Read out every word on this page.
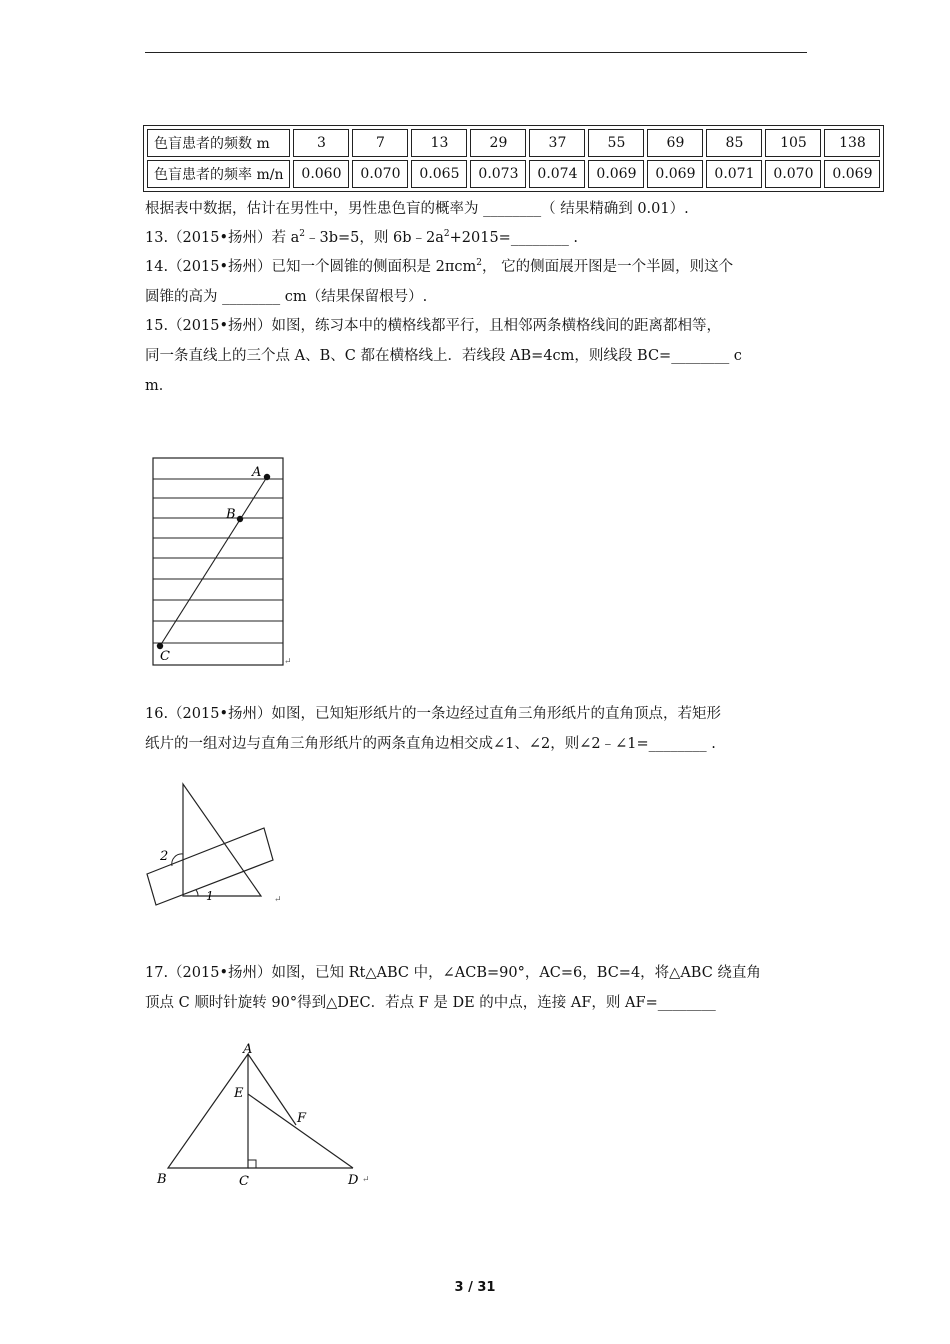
色盲患者的频数 m	3	7	13	29	37	55	69	85	105	138
色盲患者的频率 m/n	0.060	0.070	0.065	0.073	0.074	0.069	0.069	0.071	0.070	0.069
根据表中数据，估计在男性中，男性患色盲的概率为 ________（ 结果精确到 0.01）.
13.（2015•扬州）若 $a^2﹣3b=5$，则 $6b﹣2a^2+2015=\_\_\_\_\_\_\_\_$ .
14.（2015•扬州）已知一个圆锥的侧面积是 2πcm$^2$， 它的侧面展开图是一个半圆，则这个
圆锥的高为 ________ cm（结果保留根号）.
15.（2015•扬州）如图，练习本中的横格线都平行，且相邻两条横格线间的距离都相等，
同一条直线上的三个点 A、B、C 都在横格线上．若线段 AB=4cm，则线段 BC=________ c
m．
A
B
C	↵
16.（2015•扬州）如图，已知矩形纸片的一条边经过直角三角形纸片的直角顶点，若矩形
纸片的一组对边与直角三角形纸片的两条直角边相交成∠1、∠2，则∠2﹣∠1=________ .
2
1	↵
17.（2015•扬州）如图，已知 Rt△ABC 中，∠ACB=90°，AC=6，BC=4，将△ABC 绕直角
顶点 C 顺时针旋转 90°得到△DEC．若点 F 是 DE 的中点，连接 AF，则 AF=________
A
E
F
B	C	D ↵
3 / 31
